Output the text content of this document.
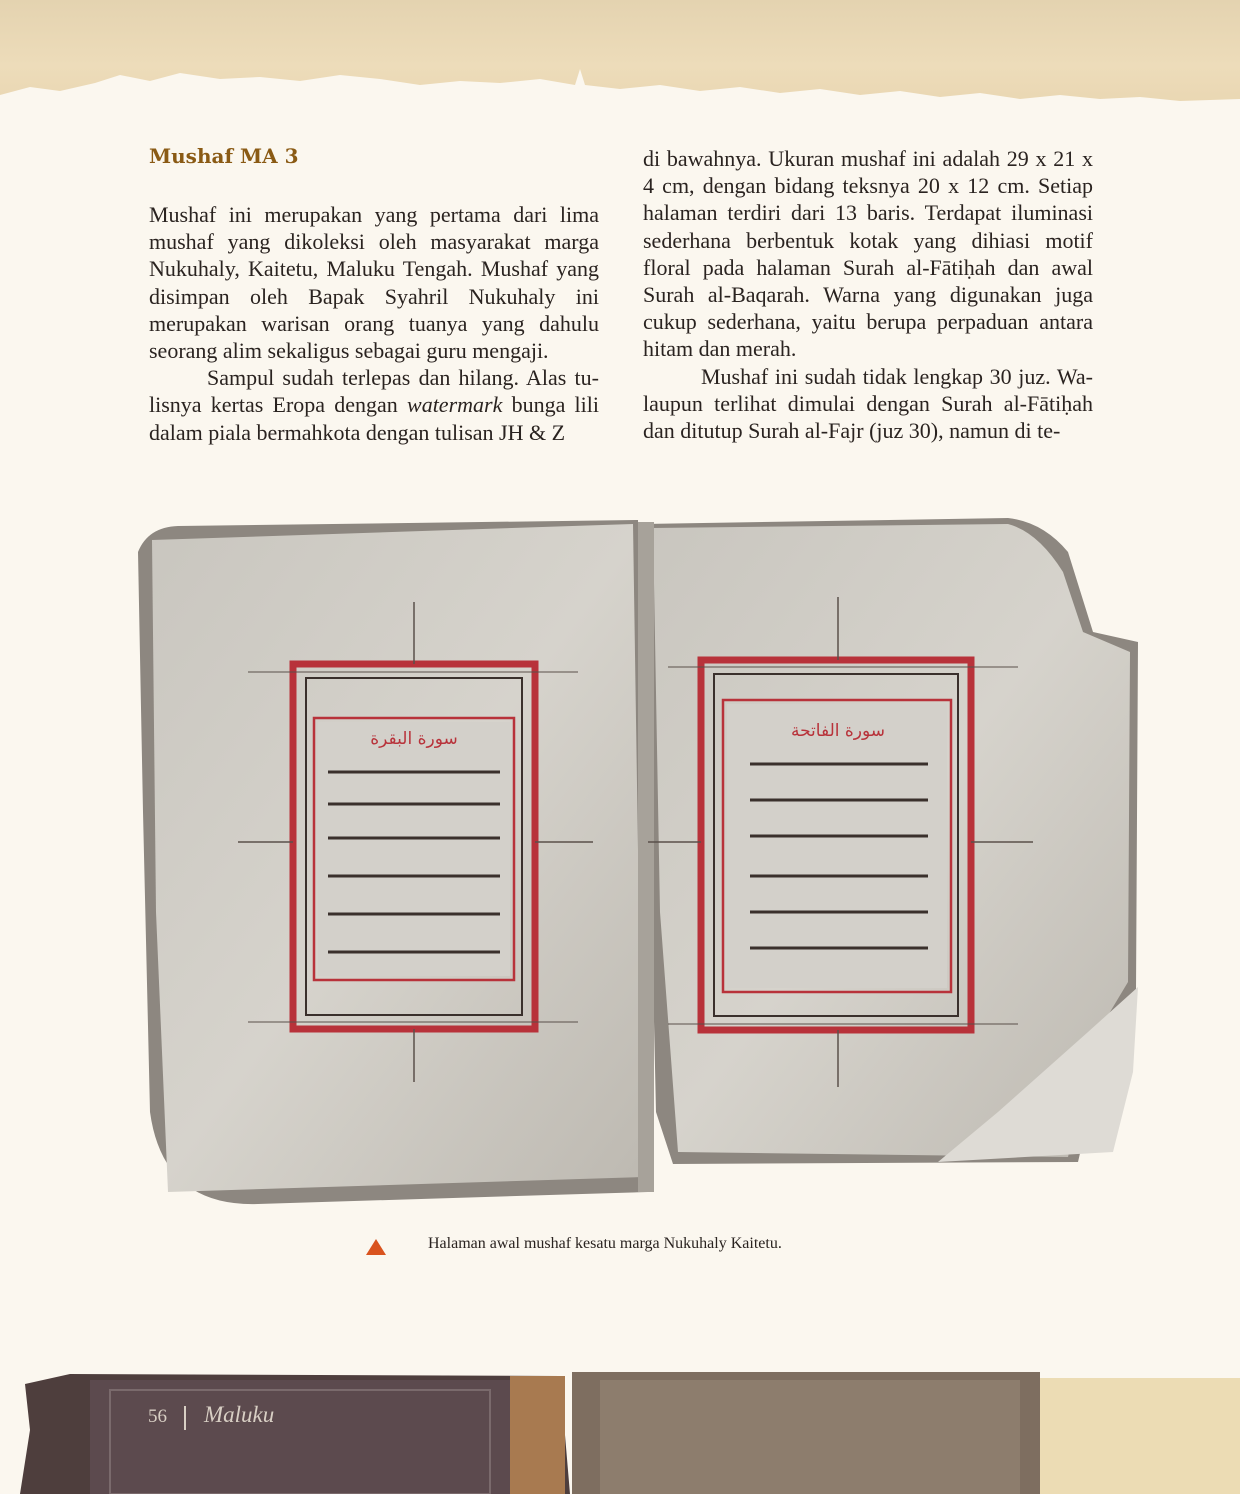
Mushaf MA 3

Mushaf ini merupakan yang pertama dari lima mushaf yang dikoleksi oleh masyarakat marga Nukuhaly, Kaitetu, Maluku Tengah. Mushaf yang disimpan oleh Bapak Syahril Nukuhaly ini merupakan warisan orang tuanya yang dahulu seorang alim sekaligus sebagai guru mengaji.

Sampul sudah terlepas dan hilang. Alas tulisnya kertas Eropa dengan watermark bunga lili dalam piala bermahkota dengan tulisan JH & Z

di bawahnya. Ukuran mushaf ini adalah 29 x 21 x 4 cm, dengan bidang teksnya 20 x 12 cm. Setiap halaman terdiri dari 13 baris. Terdapat iluminasi sederhana berbentuk kotak yang dihiasi motif floral pada halaman Surah al-Fātiḥah dan awal Surah al-Baqarah. Warna yang digunakan juga cukup sederhana, yaitu berupa perpaduan antara hitam dan merah.

Mushaf ini sudah tidak lengkap 30 juz. Walaupun terlihat dimulai dengan Surah al-Fātiḥah dan ditutup Surah al-Fajr (juz 30), namun di te-

سورة البقرة	سورة الفاتحة
Halaman awal mushaf kesatu marga Nukuhaly Kaitetu.
56 Maluku
